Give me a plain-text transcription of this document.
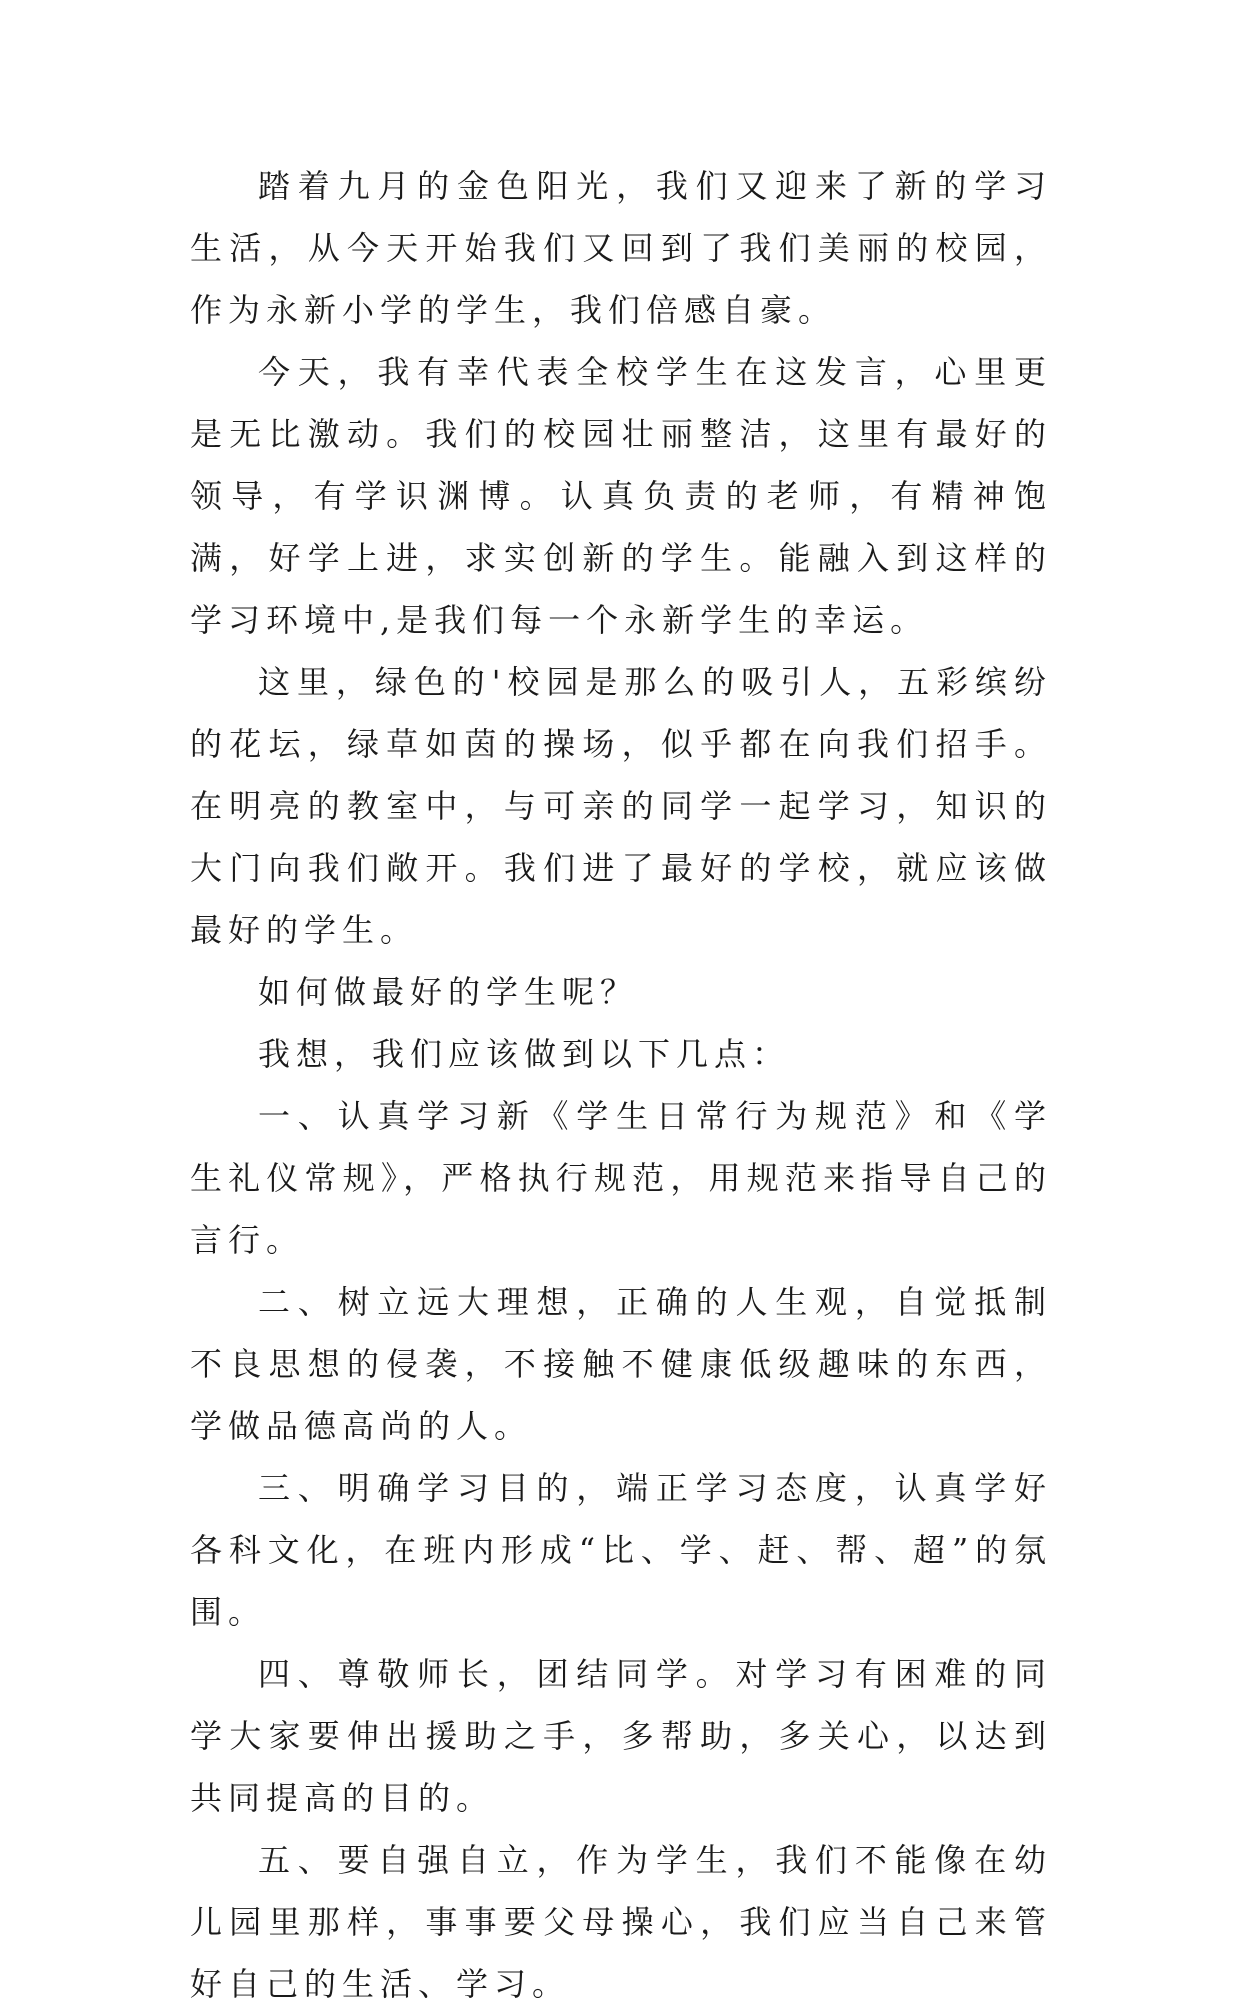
踏着九月的金色阳光，我们又迎来了新的学习生活，从今天开始我们又回到了我们美丽的校园，作为永新小学的学生，我们倍感自豪。

今天，我有幸代表全校学生在这发言，心里更是无比激动。我们的校园壮丽整洁，这里有最好的领导，有学识渊博。认真负责的老师，有精神饱满，好学上进，求实创新的学生。能融入到这样的学习环境中,是我们每一个永新学生的幸运。

这里，绿色的'校园是那么的吸引人，五彩缤纷的花坛，绿草如茵的操场，似乎都在向我们招手。在明亮的教室中，与可亲的同学一起学习，知识的大门向我们敞开。我们进了最好的学校，就应该做最好的学生。

如何做最好的学生呢？

我想，我们应该做到以下几点：

一、认真学习新《学生日常行为规范》和《学生礼仪常规》，严格执行规范，用规范来指导自己的言行。

二、树立远大理想，正确的人生观，自觉抵制不良思想的侵袭，不接触不健康低级趣味的东西，学做品德高尚的人。

三、明确学习目的，端正学习态度，认真学好各科文化，在班内形成“比、学、赶、帮、超”的氛围。

四、尊敬师长，团结同学。对学习有困难的同学大家要伸出援助之手，多帮助，多关心，以达到共同提高的目的。

五、要自强自立，作为学生，我们不能像在幼儿园里那样，事事要父母操心，我们应当自己来管好自己的生活、学习。
